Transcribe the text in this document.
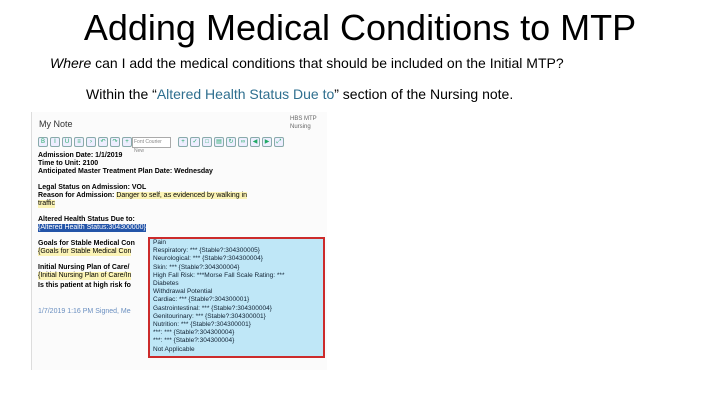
Adding Medical Conditions to MTP
Where can I add the medical conditions that should be included on the Initial MTP?
Within the “Altered Health Status Due to” section of the Nursing note.
My Note	HBS MTP Nursing
B	I	U	≡	›	↶	↷	+	Font Courier New
+	✓	□	▤	↻	∞	◀	▶	⤢
Admission Date: 1/1/2019
Time to Unit: 2100
Anticipated Master Treatment Plan Date: Wednesday
Legal Status on Admission: VOL
Reason for Admission: Danger to self, as evidenced by walking in
traffic
Altered Health Status Due to:
{Altered Health Status:304300000}
Goals for Stable Medical Con
{Goals for Stable Medical Con
Initial Nursing Plan of Care/
{Initial Nursing Plan of Care/In
Is this patient at high risk fo
1/7/2019 1:16 PM Signed, Me
Pain
Respiratory: *** {Stable?:304300005}
Neurological: *** {Stable?:304300004}
Skin: *** {Stable?:304300004}
High Fall Risk: ***Morse Fall Scale Rating: ***
Diabetes
Withdrawal Potential
Cardiac: *** {Stable?:304300001}
Gastrointestinal: *** {Stable?:304300004}
Genitourinary: *** {Stable?:304300001}
Nutrition: *** {Stable?:304300001}
***: *** {Stable?:304300004}
***: *** {Stable?:304300004}
Not Applicable
